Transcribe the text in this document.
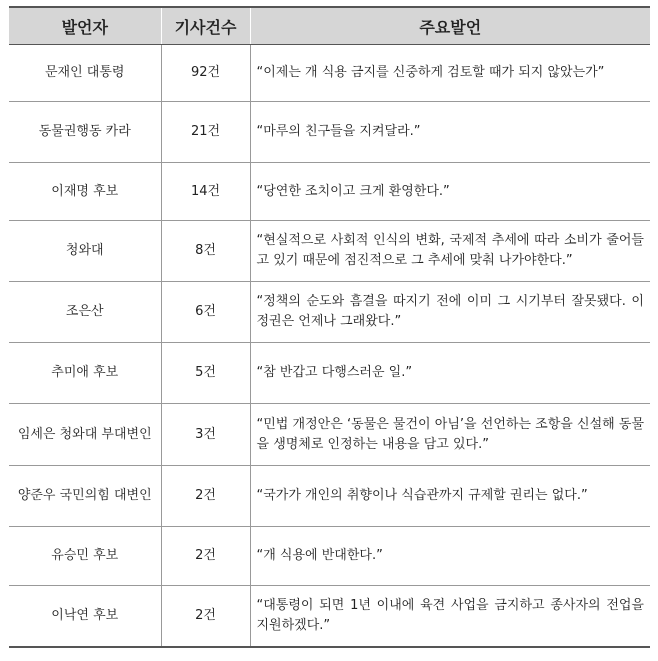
발언자	기사건수	주요발언
문재인 대통령	92건	“이제는 개 식용 금지를 신중하게 검토할 때가 되지 않았는가”
동물권행동 카라	21건	“마루의 친구들을 지켜달라.”
이재명 후보	14건	“당연한 조치이고 크게 환영한다.”
청와대	8건	“현실적으로 사회적 인식의 변화, 국제적 추세에 따라 소비가 줄어들고 있기 때문에 점진적으로 그 추세에 맞춰 나가야한다.”
조은산	6건	“정책의 순도와 흠결을 따지기 전에 이미 그 시기부터 잘못됐다. 이 정권은 언제나 그래왔다.”
추미애 후보	5건	“참 반갑고 다행스러운 일.”
임세은 청와대 부대변인	3건	“민법 개정안은 ‘동물은 물건이 아님’을 선언하는 조항을 신설해 동물을 생명체로 인정하는 내용을 담고 있다.”
양준우 국민의힘 대변인	2건	“국가가 개인의 취향이나 식습관까지 규제할 권리는 없다.”
유승민 후보	2건	“개 식용에 반대한다.”
이낙연 후보	2건	“대통령이 되면 1년 이내에 육견 사업을 금지하고 종사자의 전업을 지원하겠다.”
